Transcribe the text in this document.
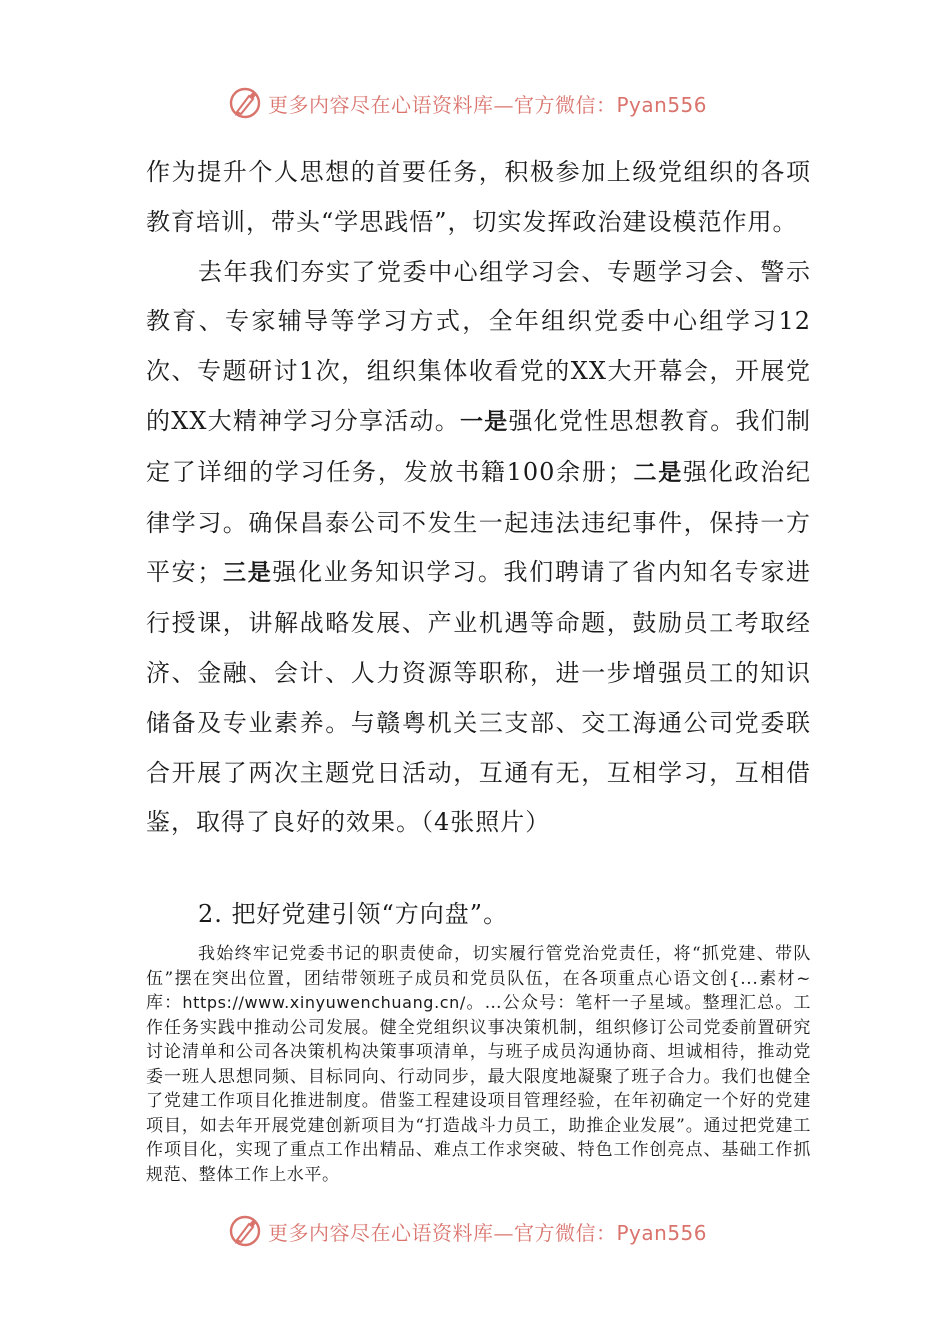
更多内容尽在心语资料库—官方微信：Pyan556

作为提升个人思想的首要任务，积极参加上级党组织的各项教育培训，带头“学思践悟”，切实发挥政治建设模范作用。

去年我们夯实了党委中心组学习会、专题学习会、警示教育、专家辅导等学习方式，全年组织党委中心组学习12次、专题研讨1次，组织集体收看党的XX大开幕会，开展党的XX大精神学习分享活动。一是强化党性思想教育。我们制定了详细的学习任务，发放书籍100余册；二是强化政治纪律学习。确保昌泰公司不发生一起违法违纪事件，保持一方平安；三是强化业务知识学习。我们聘请了省内知名专家进行授课，讲解战略发展、产业机遇等命题，鼓励员工考取经济、金融、会计、人力资源等职称，进一步增强员工的知识储备及专业素养。与赣粤机关三支部、交工海通公司党委联合开展了两次主题党日活动，互通有无，互相学习，互相借鉴，取得了良好的效果。（4张照片）

2. 把好党建引领“方向盘”。

我始终牢记党委书记的职责使命，切实履行管党治党责任，将“抓党建、带队伍”摆在突出位置，团结带领班子成员和党员队伍，在各项重点心语文创{...素材~库：https://www.xinyuwenchuang.cn/。…公众号：笔杆一子星域。整理汇总。工作任务实践中推动公司发展。健全党组织议事决策机制，组织修订公司党委前置研究讨论清单和公司各决策机构决策事项清单，与班子成员沟通协商、坦诚相待，推动党委一班人思想同频、目标同向、行动同步，最大限度地凝聚了班子合力。我们也健全了党建工作项目化推进制度。借鉴工程建设项目管理经验，在年初确定一个好的党建项目，如去年开展党建创新项目为“打造战斗力员工，助推企业发展”。通过把党建工作项目化，实现了重点工作出精品、难点工作求突破、特色工作创亮点、基础工作抓规范、整体工作上水平。

更多内容尽在心语资料库—官方微信：Pyan556
